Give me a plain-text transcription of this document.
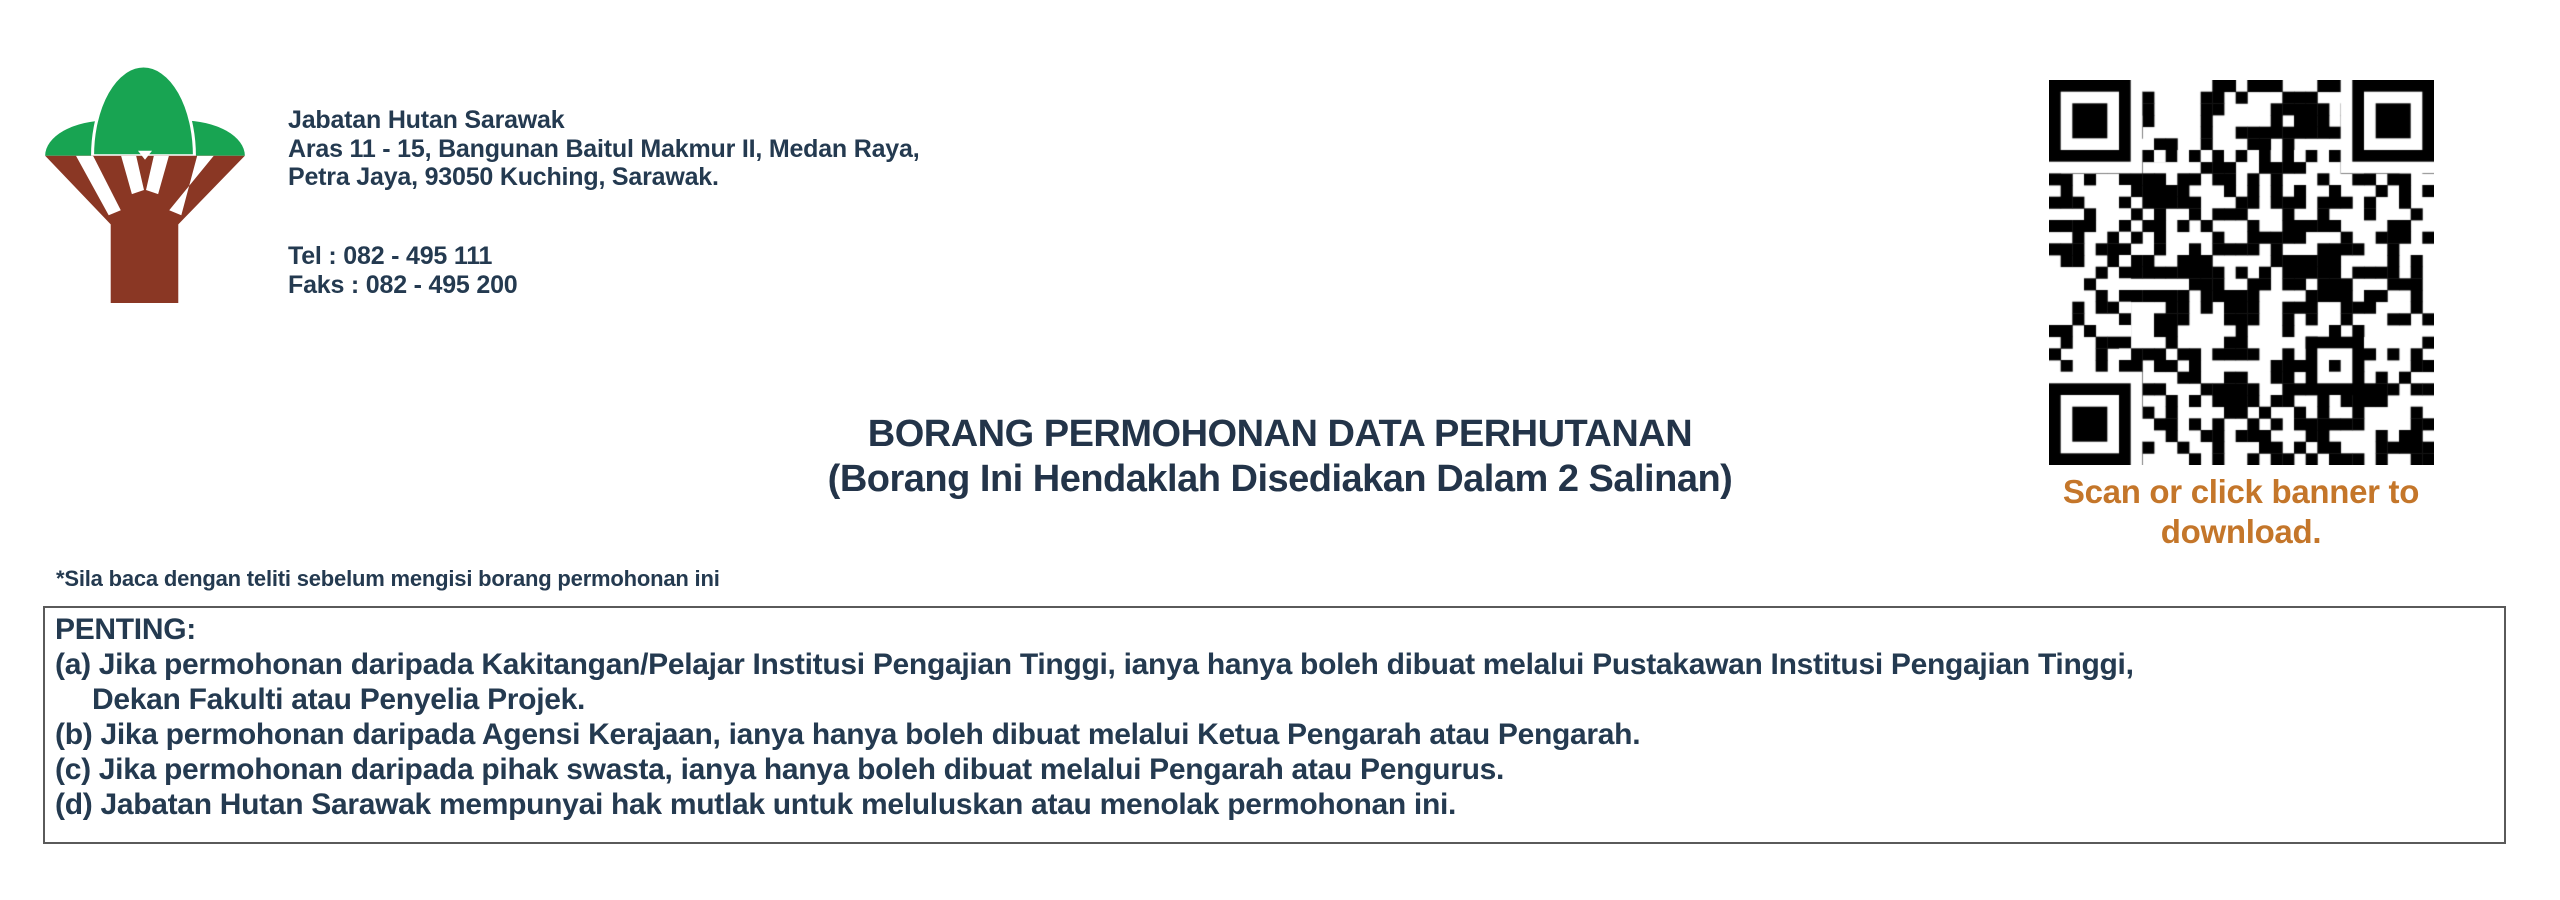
Jabatan Hutan Sarawak
Aras 11 - 15, Bangunan Baitul Makmur II, Medan Raya,
Petra Jaya, 93050 Kuching, Sarawak.
Tel : 082 - 495 111
Faks : 082 - 495 200
BORANG PERMOHONAN DATA PERHUTANAN
(Borang Ini Hendaklah Disediakan Dalam 2 Salinan)	Scan or click banner to
download.
*Sila baca dengan teliti sebelum mengisi borang permohonan ini
PENTING:
(a) Jika permohonan daripada Kakitangan/Pelajar Institusi Pengajian Tinggi, ianya hanya boleh dibuat melalui Pustakawan Institusi Pengajian Tinggi,
Dekan Fakulti atau Penyelia Projek.
(b) Jika permohonan daripada Agensi Kerajaan, ianya hanya boleh dibuat melalui Ketua Pengarah atau Pengarah.
(c) Jika permohonan daripada pihak swasta, ianya hanya boleh dibuat melalui Pengarah atau Pengurus.
(d) Jabatan Hutan Sarawak mempunyai hak mutlak untuk meluluskan atau menolak permohonan ini.
